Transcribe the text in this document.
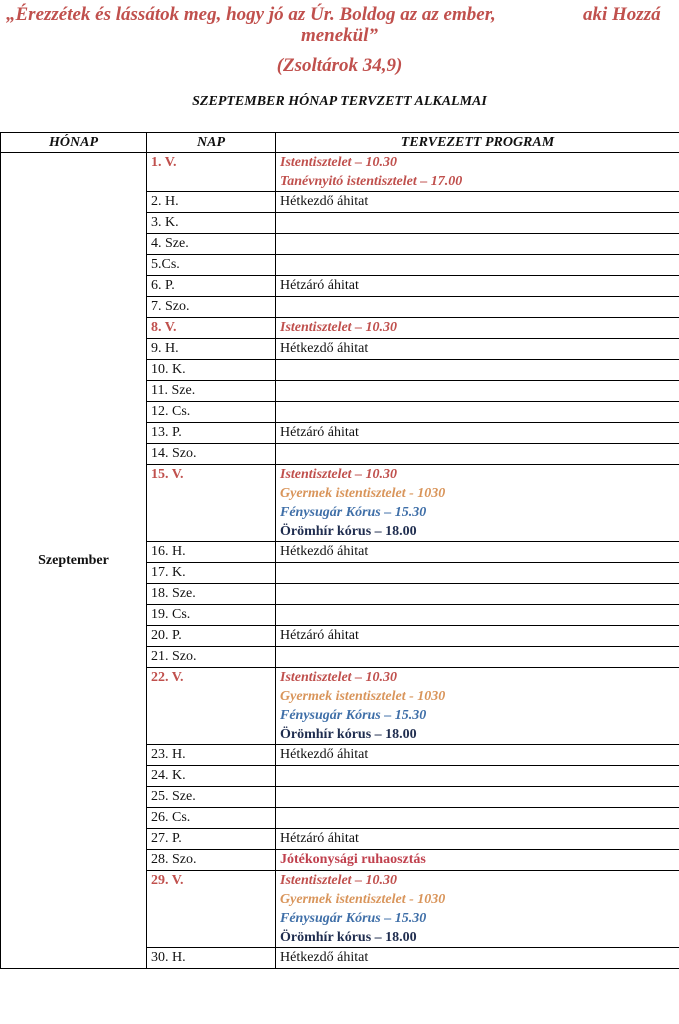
„Érezzétek és lássátok meg, hogy jó az Úr. Boldog az az ember,	aki Hozzá
menekül”
(Zsoltárok 34,9)
SZEPTEMBER HÓNAP TERVZETT ALKALMAI
HÓNAP	NAP	TERVEZETT PROGRAM
Szeptember	1. V.	Istentisztelet – 10.30
Tanévnyitó istentisztelet – 17.00

	2. H.	Hétkezdő áhitat

	3. K.	
	4. Sze.	
	5.Cs.	
	6. P.	Hétzáró áhitat

	7. Szo.	
	8. V.	Istentisztelet – 10.30

	9. H.	Hétkezdő áhitat

	10. K.	
	11. Sze.	
	12. Cs.	
	13. P.	Hétzáró áhitat

	14. Szo.	
	15. V.	Istentisztelet – 10.30
Gyermek istentisztelet - 1030
Fénysugár Kórus – 15.30
Örömhír kórus – 18.00

	16. H.	Hétkezdő áhitat

	17. K.	
	18. Sze.	
	19. Cs.	
	20. P.	Hétzáró áhitat

	21. Szo.	
	22. V.	Istentisztelet – 10.30
Gyermek istentisztelet - 1030
Fénysugár Kórus – 15.30
Örömhír kórus – 18.00

	23. H.	Hétkezdő áhitat

	24. K.	
	25. Sze.	
	26. Cs.	
	27. P.	Hétzáró áhitat

	28. Szo.	Jótékonysági ruhaosztás

	29. V.	Istentisztelet – 10.30
Gyermek istentisztelet - 1030
Fénysugár Kórus – 15.30
Örömhír kórus – 18.00

	30. H.	Hétkezdő áhitat
